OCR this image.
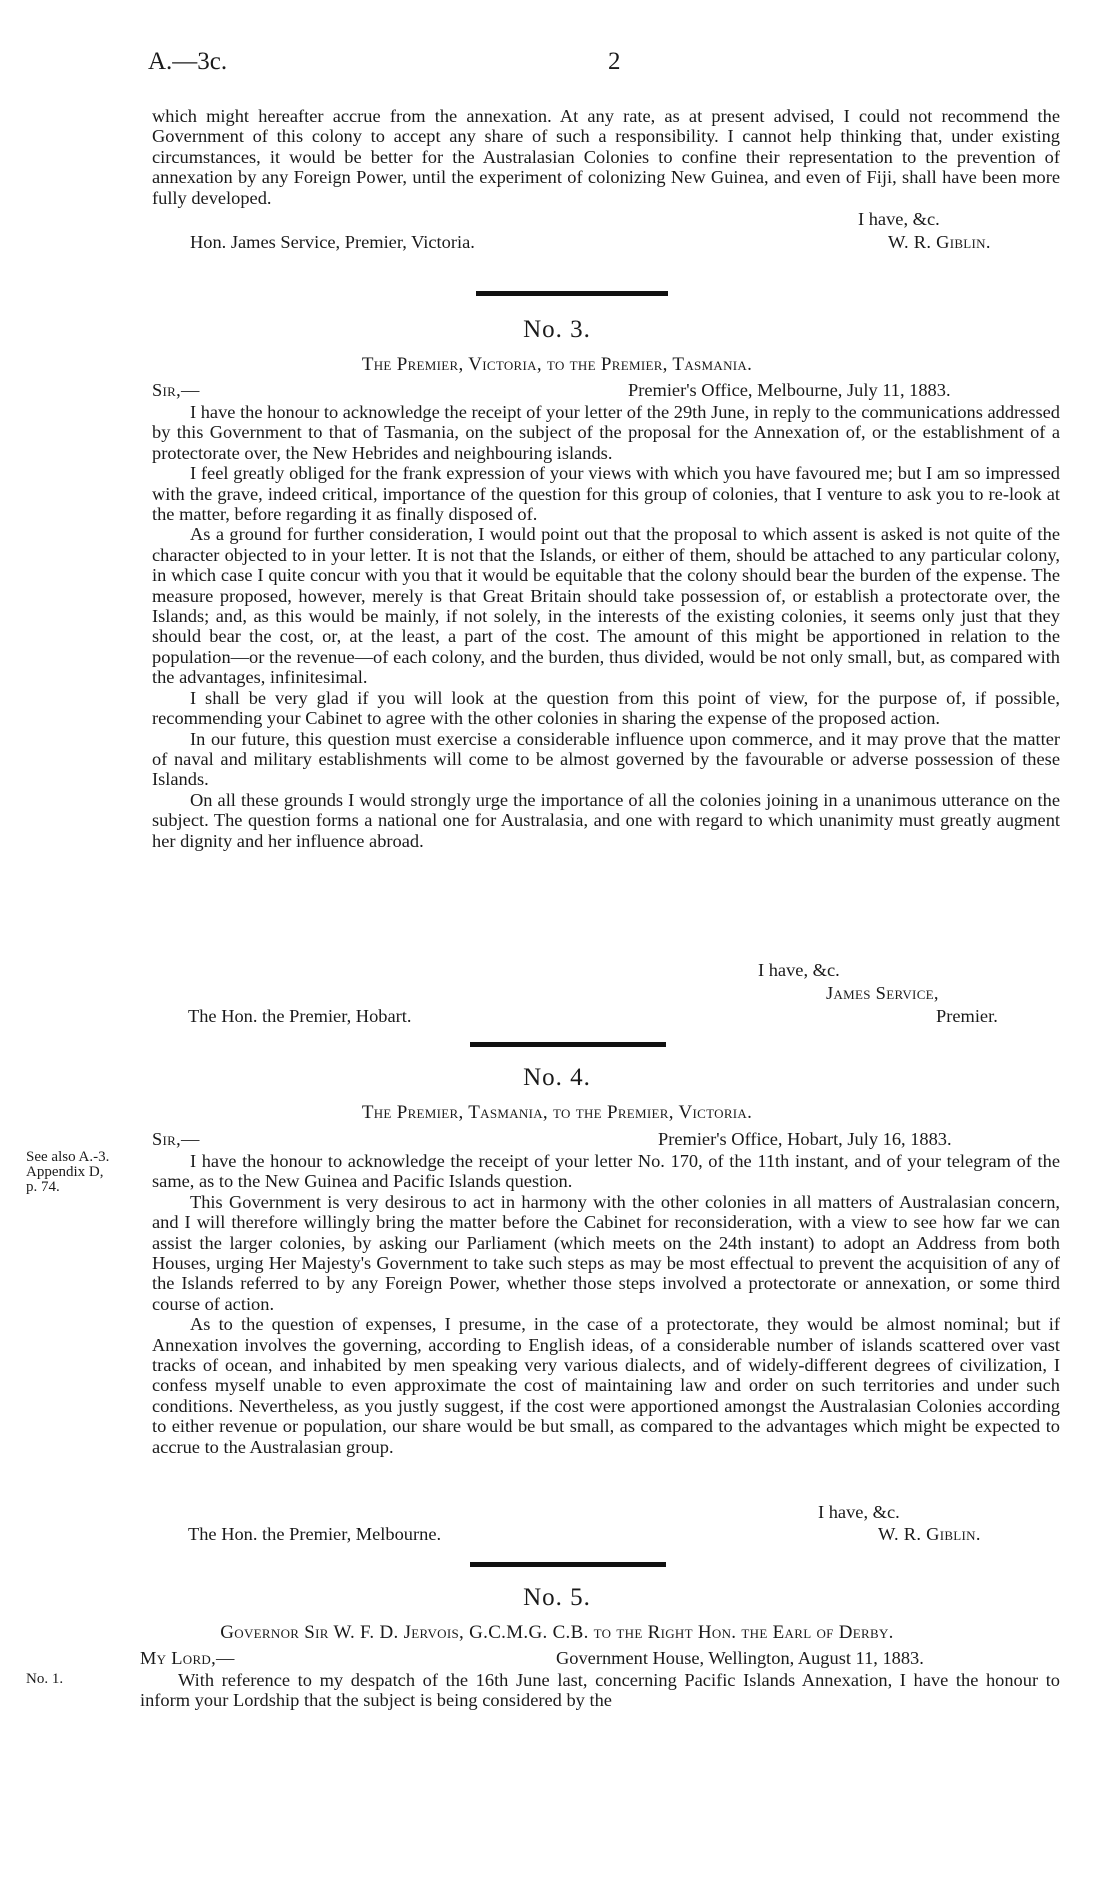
A.—3c.	2

which might hereafter accrue from the annexation. At any rate, as at present advised, I could not recommend the Government of this colony to accept any share of such a responsibility. I cannot help thinking that, under existing circumstances, it would be better for the Australasian Colonies to confine their representation to the prevention of annexation by any Foreign Power, until the experiment of colonizing New Guinea, and even of Fiji, shall have been more fully developed.

I have, &c.
Hon. James Service, Premier, Victoria.	W. R. Giblin.
No. 3.
The Premier, Victoria, to the Premier, Tasmania.
Sir,—	Premier's Office, Melbourne, July 11, 1883.

I have the honour to acknowledge the receipt of your letter of the 29th June, in reply to the communications addressed by this Government to that of Tasmania, on the subject of the proposal for the Annexation of, or the establishment of a protectorate over, the New Hebrides and neighbouring islands.

I feel greatly obliged for the frank expression of your views with which you have favoured me; but I am so impressed with the grave, indeed critical, importance of the question for this group of colonies, that I venture to ask you to re-look at the matter, before regarding it as finally disposed of.

As a ground for further consideration, I would point out that the proposal to which assent is asked is not quite of the character objected to in your letter. It is not that the Islands, or either of them, should be attached to any particular colony, in which case I quite concur with you that it would be equitable that the colony should bear the burden of the expense. The measure proposed, however, merely is that Great Britain should take possession of, or establish a protectorate over, the Islands; and, as this would be mainly, if not solely, in the interests of the existing colonies, it seems only just that they should bear the cost, or, at the least, a part of the cost. The amount of this might be apportioned in relation to the population—or the revenue—of each colony, and the burden, thus divided, would be not only small, but, as compared with the advantages, infinitesimal.

I shall be very glad if you will look at the question from this point of view, for the purpose of, if possible, recommending your Cabinet to agree with the other colonies in sharing the expense of the proposed action.

In our future, this question must exercise a considerable influence upon commerce, and it may prove that the matter of naval and military establishments will come to be almost governed by the favourable or adverse possession of these Islands.

On all these grounds I would strongly urge the importance of all the colonies joining in a unanimous utterance on the subject. The question forms a national one for Australasia, and one with regard to which unanimity must greatly augment her dignity and her influence abroad.

I have, &c.
James Service,
The Hon. the Premier, Hobart.	Premier.
No. 4.
The Premier, Tasmania, to the Premier, Victoria.
Sir,—	Premier's Office, Hobart, July 16, 1883.
See also A.-3.
Appendix D,
p. 74.

I have the honour to acknowledge the receipt of your letter No. 170, of the 11th instant, and of your telegram of the same, as to the New Guinea and Pacific Islands question.

This Government is very desirous to act in harmony with the other colonies in all matters of Australasian concern, and I will therefore willingly bring the matter before the Cabinet for reconsideration, with a view to see how far we can assist the larger colonies, by asking our Parliament (which meets on the 24th instant) to adopt an Address from both Houses, urging Her Majesty's Government to take such steps as may be most effectual to prevent the acquisition of any of the Islands referred to by any Foreign Power, whether those steps involved a protectorate or annexation, or some third course of action.

As to the question of expenses, I presume, in the case of a protectorate, they would be almost nominal; but if Annexation involves the governing, according to English ideas, of a considerable number of islands scattered over vast tracks of ocean, and inhabited by men speaking very various dialects, and of widely-different degrees of civilization, I confess myself unable to even approximate the cost of maintaining law and order on such territories and under such conditions. Nevertheless, as you justly suggest, if the cost were apportioned amongst the Australasian Colonies according to either revenue or population, our share would be but small, as compared to the advantages which might be expected to accrue to the Australasian group.

I have, &c.
The Hon. the Premier, Melbourne.	W. R. Giblin.
No. 5.
Governor Sir W. F. D. Jervois, G.C.M.G. C.B. to the Right Hon. the Earl of Derby.
My Lord,—	Government House, Wellington, August 11, 1883.
No. 1.	With reference to my despatch of the 16th June last, concerning Pacific Islands Annexation, I have the honour to inform your Lordship that the subject is being considered by the
